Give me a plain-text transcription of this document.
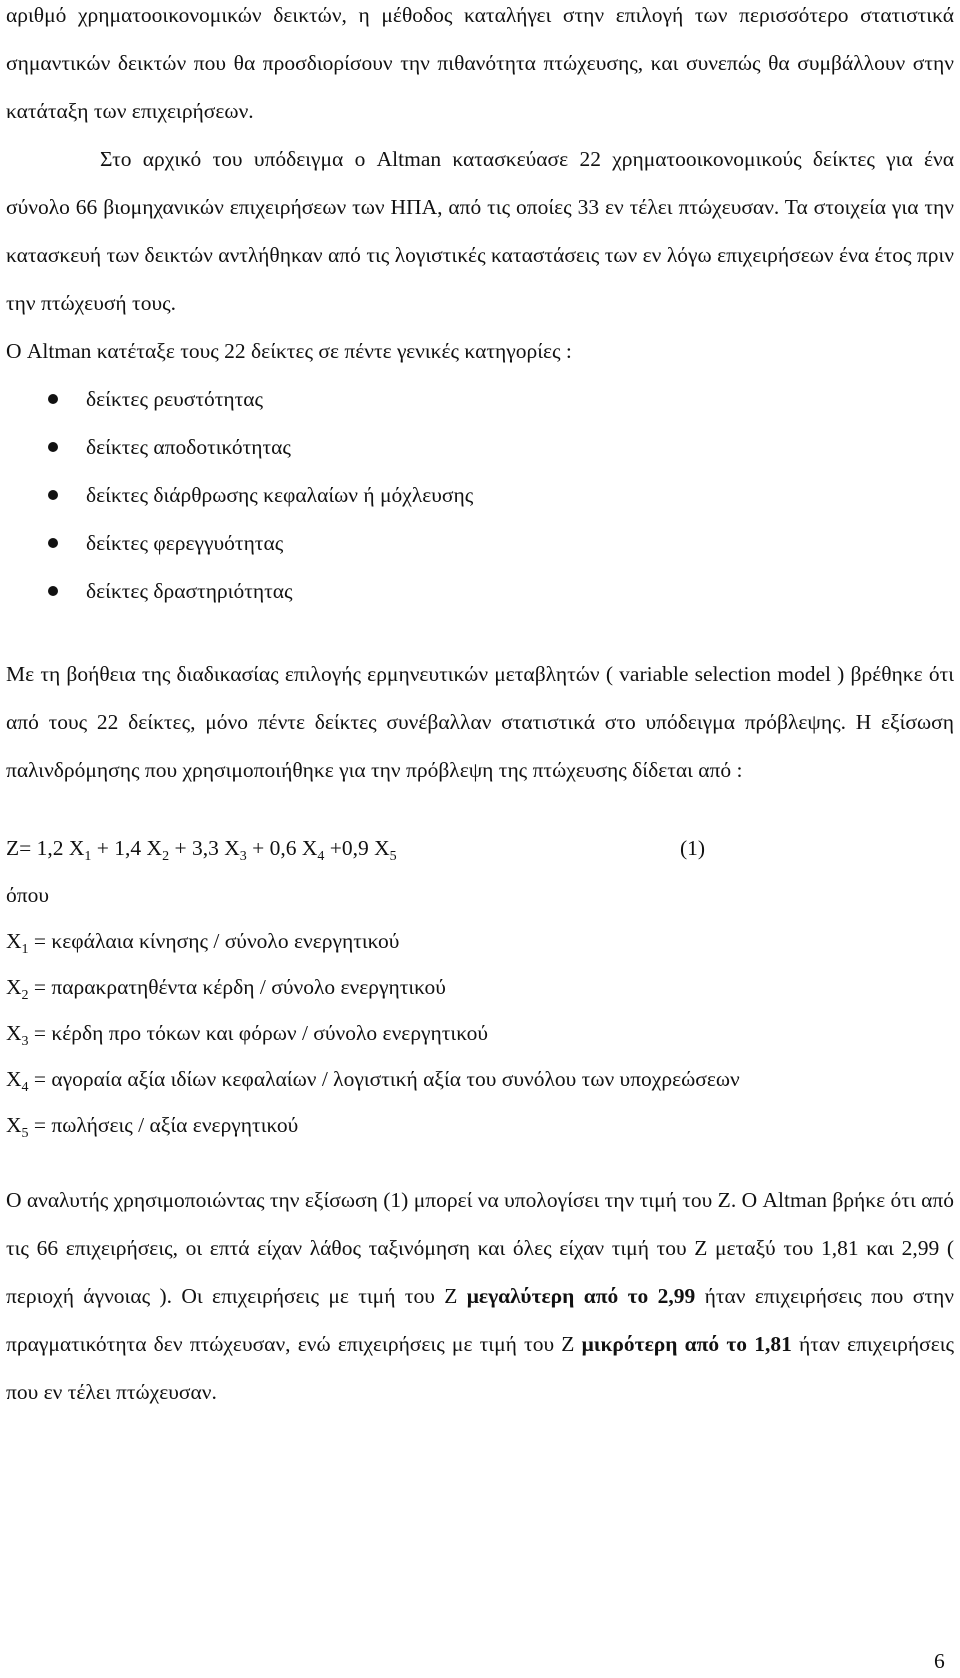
αριθμό χρηματοοικονομικών δεικτών, η μέθοδος καταλήγει στην επιλογή των περισσότερο στατιστικά σημαντικών δεικτών που θα προσδιορίσουν την πιθανότητα πτώχευσης, και συνεπώς θα συμβάλλουν στην κατάταξη των επιχειρήσεων.

Στο αρχικό του υπόδειγμα ο Altman κατασκεύασε 22 χρηματοοικονομικούς δείκτες για ένα σύνολο 66 βιομηχανικών επιχειρήσεων των ΗΠΑ, από τις οποίες 33 εν τέλει πτώχευσαν. Τα στοιχεία για την κατασκευή των δεικτών αντλήθηκαν από τις λογιστικές καταστάσεις των εν λόγω επιχειρήσεων ένα έτος πριν την πτώχευσή τους.

Ο Altman κατέταξε τους 22 δείκτες σε πέντε γενικές κατηγορίες :

δείκτες ρευστότητας
δείκτες αποδοτικότητας
δείκτες διάρθρωσης κεφαλαίων ή μόχλευσης
δείκτες φερεγγυότητας
δείκτες δραστηριότητας

Με τη βοήθεια της διαδικασίας επιλογής ερμηνευτικών μεταβλητών ( variable selection model ) βρέθηκε ότι από τους 22 δείκτες, μόνο πέντε δείκτες συνέβαλλαν στατιστικά στο υπόδειγμα πρόβλεψης. Η εξίσωση παλινδρόμησης που χρησιμοποιήθηκε για την πρόβλεψη της πτώχευσης δίδεται από :

Z= 1,2 $X_1 + 1,4$ $X_2 + 3,3$ $X_3 + 0,6$ $X_4 +0,9$ $X_5$	(1)
όπου
$X_1 = \kappa\varepsilon\varphi ά\lambda\alpha\iota\alpha$ κίνησης / σύνολο ενεργητικού
$X_2 = \pi\alpha\rho\alpha\kappa\rho\alpha\tau\eta\theta έ\nu\tau\alpha$ κέρδη / σύνολο ενεργητικού
$X_3 = \kappa έ\rho\delta\eta$ προ τόκων και φόρων / σύνολο ενεργητικού
$X_4 = \alpha\gamma o\rho\alpha ί\alpha$ αξία ιδίων κεφαλαίων / λογιστική αξία του συνόλου των υποχρεώσεων
$X_5 = \pi\omega\lambda ή\sigma\varepsilon\iota\varsigma / \alpha\xi ί\alpha$ ενεργητικού

Ο αναλυτής χρησιμοποιώντας την εξίσωση (1) μπορεί να υπολογίσει την τιμή του Ζ. Ο Altman βρήκε ότι από τις 66 επιχειρήσεις, οι επτά είχαν λάθος ταξινόμηση και όλες είχαν τιμή του Ζ μεταξύ του 1,81 και 2,99 ( περιοχή άγνοιας ). Οι επιχειρήσεις με τιμή του Ζ μεγαλύτερη από το 2,99 ήταν επιχειρήσεις που στην πραγματικότητα δεν πτώχευσαν, ενώ επιχειρήσεις με τιμή του Ζ μικρότερη από το 1,81 ήταν επιχειρήσεις που εν τέλει πτώχευσαν.

6
